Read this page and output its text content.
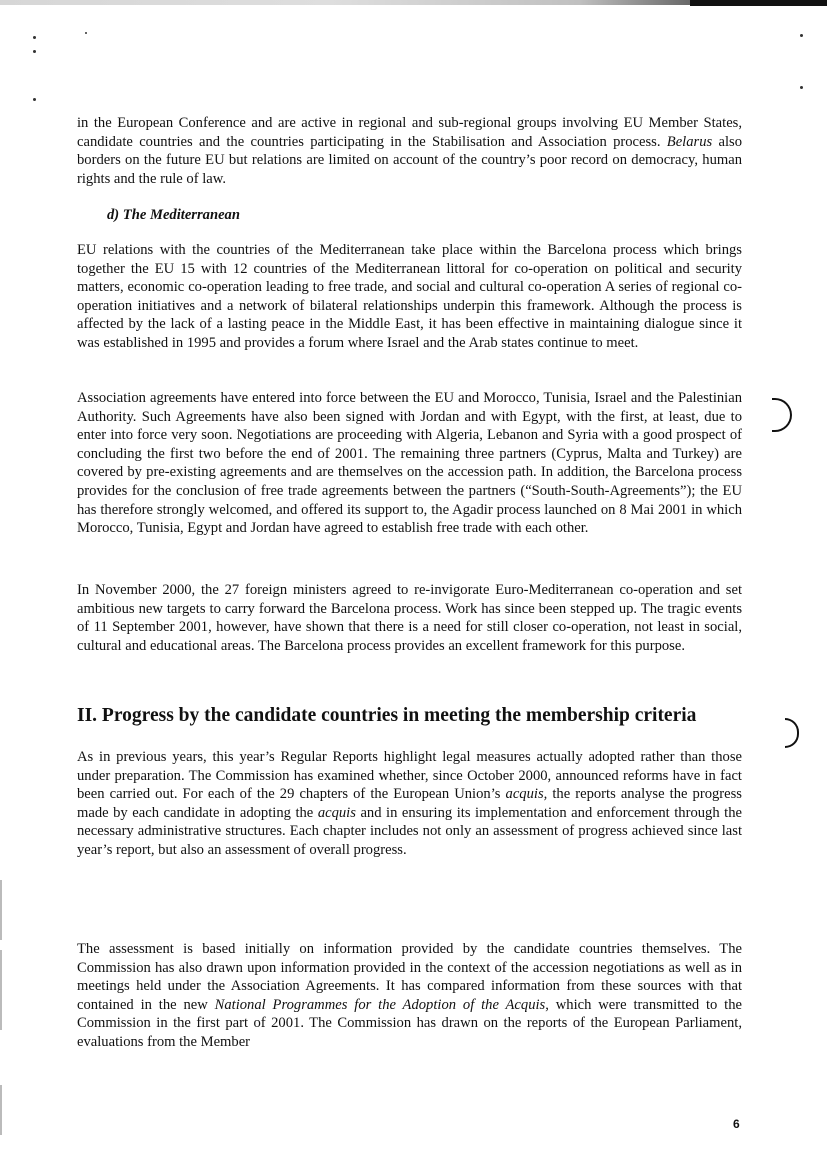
in the European Conference and are active in regional and sub-regional groups involving EU Member States, candidate countries and the countries participating in the Stabilisation and Association process. Belarus also borders on the future EU but relations are limited on account of the country’s poor record on democracy, human rights and the rule of law.

d) The Mediterranean

EU relations with the countries of the Mediterranean take place within the Barcelona process which brings together the EU 15 with 12 countries of the Mediterranean littoral for co-operation on political and security matters, economic co-operation leading to free trade, and social and cultural co-operation A series of regional co-operation initiatives and a network of bilateral relationships underpin this framework. Although the process is affected by the lack of a lasting peace in the Middle East, it has been effective in maintaining dialogue since it was established in 1995 and provides a forum where Israel and the Arab states continue to meet.

Association agreements have entered into force between the EU and Morocco, Tunisia, Israel and the Palestinian Authority. Such Agreements have also been signed with Jordan and with Egypt, with the first, at least, due to enter into force very soon. Negotiations are proceeding with Algeria, Lebanon and Syria with a good prospect of concluding the first two before the end of 2001. The remaining three partners (Cyprus, Malta and Turkey) are covered by pre-existing agreements and are themselves on the accession path. In addition, the Barcelona process provides for the conclusion of free trade agreements between the partners (“South-South-Agreements”); the EU has therefore strongly welcomed, and offered its support to, the Agadir process launched on 8 Mai 2001 in which Morocco, Tunisia, Egypt and Jordan have agreed to establish free trade with each other.

In November 2000, the 27 foreign ministers agreed to re-invigorate Euro-Mediterranean co-operation and set ambitious new targets to carry forward the Barcelona process. Work has since been stepped up. The tragic events of 11 September 2001, however, have shown that there is a need for still closer co-operation, not least in social, cultural and educational areas. The Barcelona process provides an excellent framework for this purpose.

II. Progress by the candidate countries in meeting the membership criteria

As in previous years, this year’s Regular Reports highlight legal measures actually adopted rather than those under preparation. The Commission has examined whether, since October 2000, announced reforms have in fact been carried out. For each of the 29 chapters of the European Union’s acquis, the reports analyse the progress made by each candidate in adopting the acquis and in ensuring its implementation and enforcement through the necessary administrative structures. Each chapter includes not only an assessment of progress achieved since last year’s report, but also an assessment of overall progress.

The assessment is based initially on information provided by the candidate countries themselves. The Commission has also drawn upon information provided in the context of the accession negotiations as well as in meetings held under the Association Agreements. It has compared information from these sources with that contained in the new National Programmes for the Adoption of the Acquis, which were transmitted to the Commission in the first part of 2001. The Commission has drawn on the reports of the European Parliament, evaluations from the Member

6
